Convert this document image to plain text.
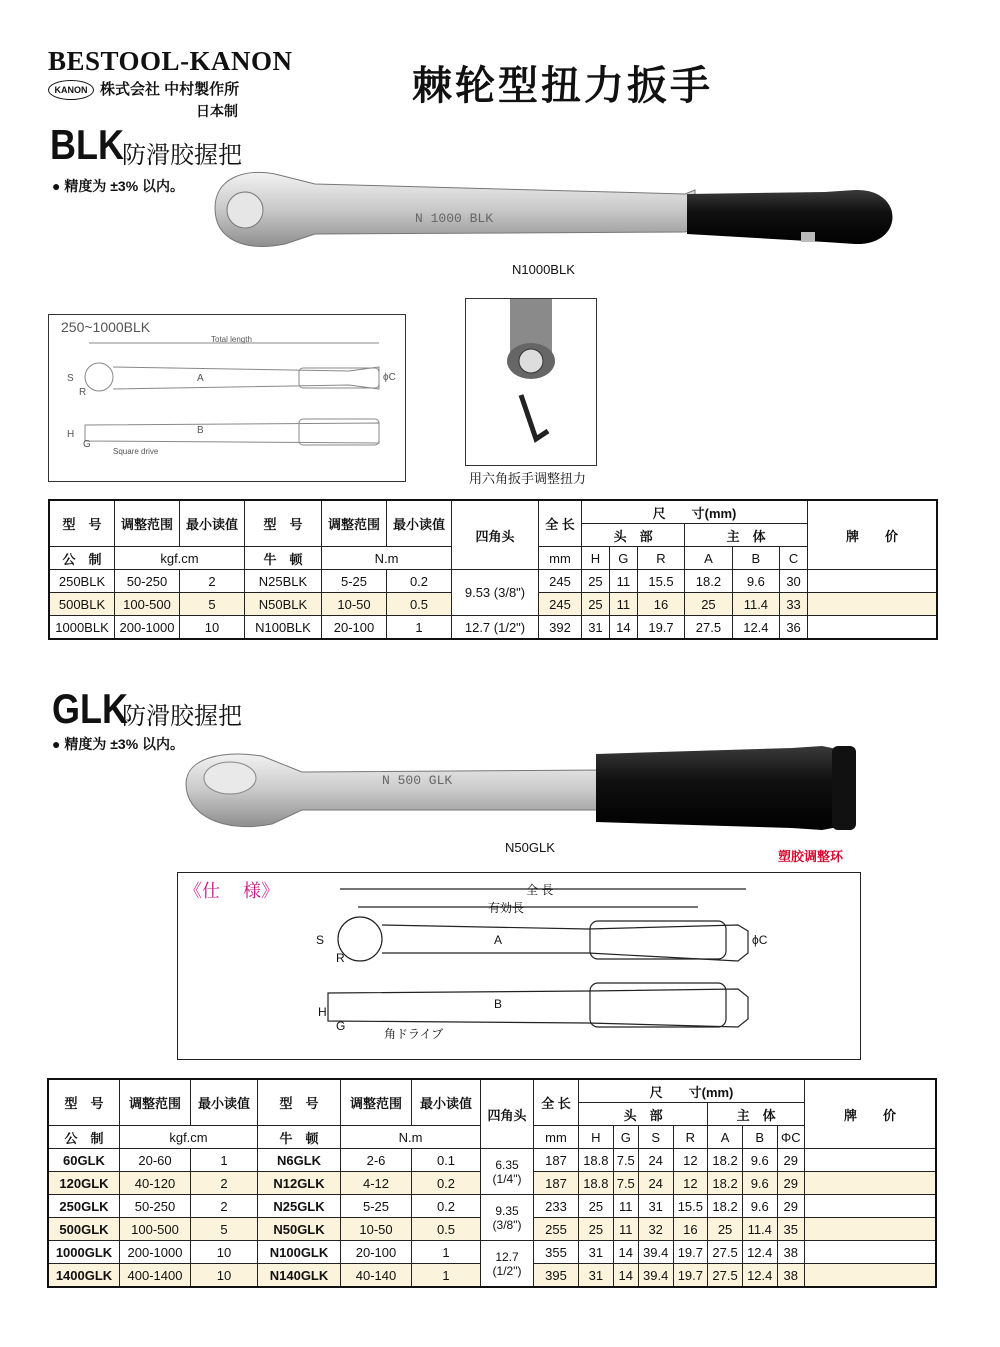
BESTOOL-KANON
KANON 株式会社 中村製作所
日本制
棘轮型扭力扳手
BLK
防滑胶握把
● 精度为 ±3% 以内。
N 1000 BLK
N1000BLK
250~1000BLK
Total length
S
R
A	ϕC
H
G
B
Square drive
用六角扳手调整扭力
型　号	调整范围	最小读值	型　号	调整范围	最小读值	四角头	全 长	尺　　寸(mm)						牌　　价
								头　部			主　体			
公　制	kgf.cm		牛　顿	N.m			mm	H	G	R	A	B	C	
250BLK	50-250	2	N25BLK	5-25	0.2	9.53 (3/8")	245	25	11	15.5	18.2	9.6	30	
500BLK	100-500	5	N50BLK	10-50	0.5		245	25	11	16	25	11.4	33	
1000BLK	200-1000	10	N100BLK	20-100	1	12.7 (1/2")	392	31	14	19.7	27.5	12.4	36	
GLK
防滑胶握把
● 精度为 ±3% 以内。
N 500 GLK
N50GLK
塑胶调整环
《仕　 様》	全 長
有効長
S
R
A	ϕC
H
G
B
角ドライブ
型　号	调整范围	最小读值	型　号	调整范围	最小读值	四角头	全 长	尺　　寸(mm)							牌　　价
								头　部				主　体			
公　制	kgf.cm		牛　顿	N.m			mm	H	G	S	R	A	B	ΦC	
60GLK	20-60	1	N6GLK	2-6	0.1	6.35 (1/4")	187	18.8	7.5	24	12	18.2	9.6	29	
120GLK	40-120	2	N12GLK	4-12	0.2		187	18.8	7.5	24	12	18.2	9.6	29	
250GLK	50-250	2	N25GLK	5-25	0.2	9.35 (3/8")	233	25	11	31	15.5	18.2	9.6	29	
500GLK	100-500	5	N50GLK	10-50	0.5		255	25	11	32	16	25	11.4	35	
1000GLK	200-1000	10	N100GLK	20-100	1	12.7 (1/2")	355	31	14	39.4	19.7	27.5	12.4	38	
1400GLK	400-1400	10	N140GLK	40-140	1		395	31	14	39.4	19.7	27.5	12.4	38	
